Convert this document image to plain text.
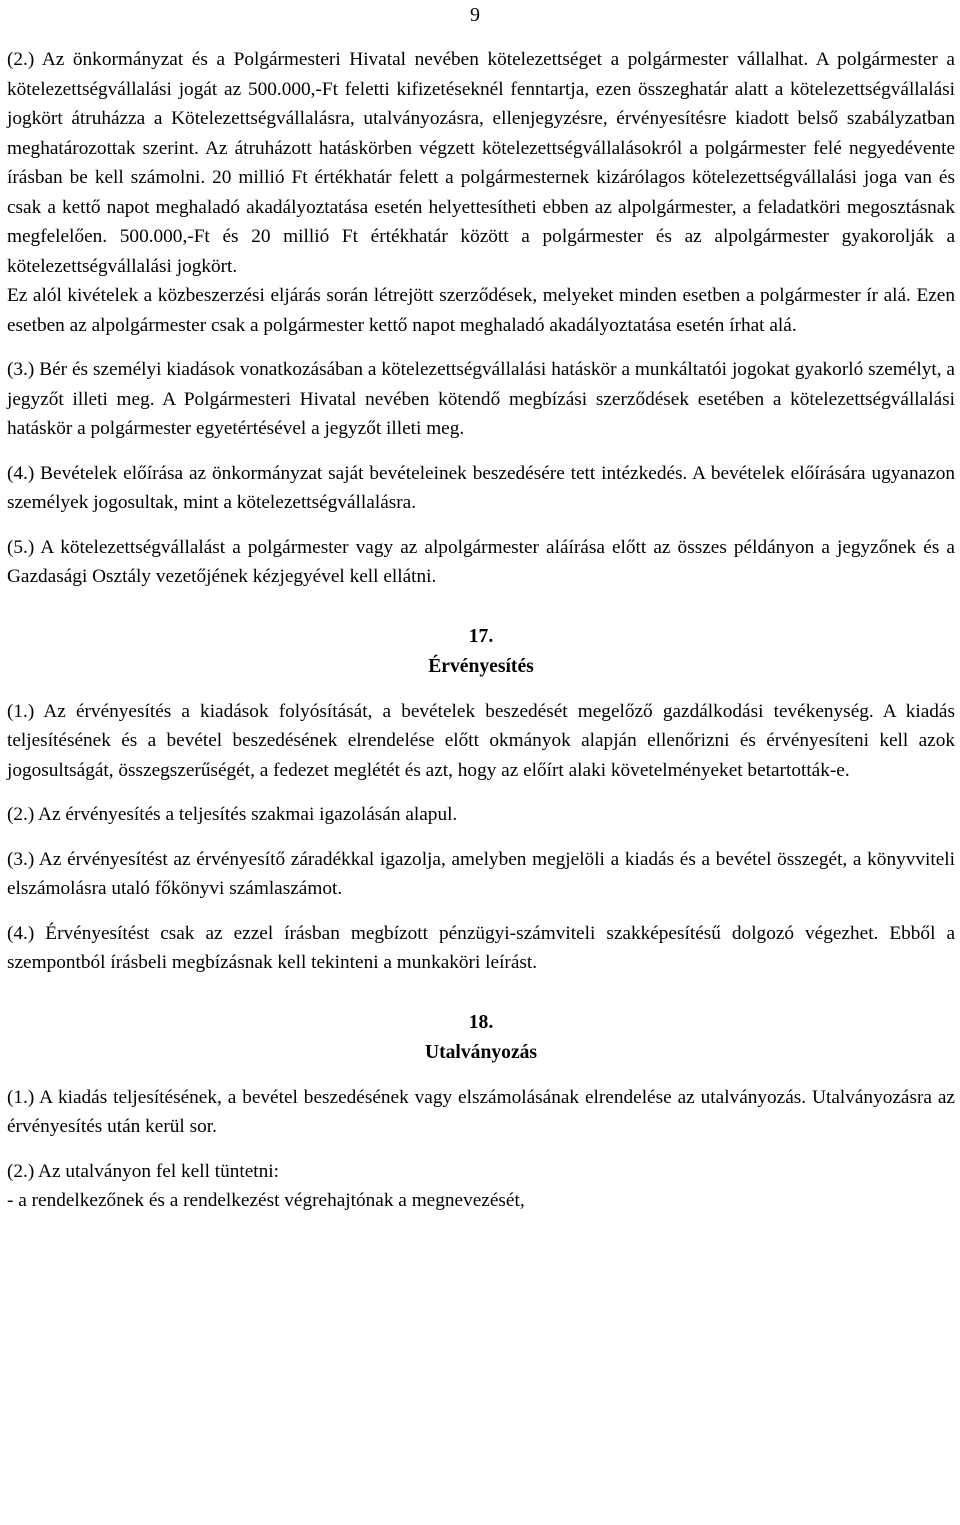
9

(2.) Az önkormányzat és a Polgármesteri Hivatal nevében kötelezettséget a polgármester vállalhat. A polgármester a kötelezettségvállalási jogát az 500.000,-Ft feletti kifizetéseknél fenntartja, ezen összeghatár alatt a kötelezettségvállalási jogkört átruházza a Kötelezettségvállalásra, utalványozásra, ellenjegyzésre, érvényesítésre kiadott belső szabályzatban meghatározottak szerint. Az átruházott hatáskörben végzett kötelezettségvállalásokról a polgármester felé negyedévente írásban be kell számolni. 20 millió Ft értékhatár felett a polgármesternek kizárólagos kötelezettségvállalási joga van és csak a kettő napot meghaladó akadályoztatása esetén helyettesítheti ebben az alpolgármester, a feladatköri megosztásnak megfelelően. 500.000,-Ft és 20 millió Ft értékhatár között a polgármester és az alpolgármester gyakorolják a kötelezettségvállalási jogkört.

Ez alól kivételek a közbeszerzési eljárás során létrejött szerződések, melyeket minden esetben a polgármester ír alá. Ezen esetben az alpolgármester csak a polgármester kettő napot meghaladó akadályoztatása esetén írhat alá.

(3.) Bér és személyi kiadások vonatkozásában a kötelezettségvállalási hatáskör a munkáltatói jogokat gyakorló személyt, a jegyzőt illeti meg. A Polgármesteri Hivatal nevében kötendő megbízási szerződések esetében a kötelezettségvállalási hatáskör a polgármester egyetértésével a jegyzőt illeti meg.

(4.) Bevételek előírása az önkormányzat saját bevételeinek beszedésére tett intézkedés. A bevételek előírására ugyanazon személyek jogosultak, mint a kötelezettségvállalásra.

(5.) A kötelezettségvállalást a polgármester vagy az alpolgármester aláírása előtt az összes példányon a jegyzőnek és a Gazdasági Osztály vezetőjének kézjegyével kell ellátni.

17.

Érvényesítés

(1.) Az érvényesítés a kiadások folyósítását, a bevételek beszedését megelőző gazdálkodási tevékenység. A kiadás teljesítésének és a bevétel beszedésének elrendelése előtt okmányok alapján ellenőrizni és érvényesíteni kell azok jogosultságát, összegszerűségét, a fedezet meglétét és azt, hogy az előírt alaki követelményeket betartották-e.

(2.) Az érvényesítés a teljesítés szakmai igazolásán alapul.

(3.) Az érvényesítést az érvényesítő záradékkal igazolja, amelyben megjelöli a kiadás és a bevétel összegét, a könyvviteli elszámolásra utaló főkönyvi számlaszámot.

(4.) Érvényesítést csak az ezzel írásban megbízott pénzügyi-számviteli szakképesítésű dolgozó végezhet. Ebből a szempontból írásbeli megbízásnak kell tekinteni a munkaköri leírást.

18.

Utalványozás

(1.) A kiadás teljesítésének, a bevétel beszedésének vagy elszámolásának elrendelése az utalványozás. Utalványozásra az érvényesítés után kerül sor.

(2.) Az utalványon fel kell tüntetni:
- a rendelkezőnek és a rendelkezést végrehajtónak a megnevezését,
